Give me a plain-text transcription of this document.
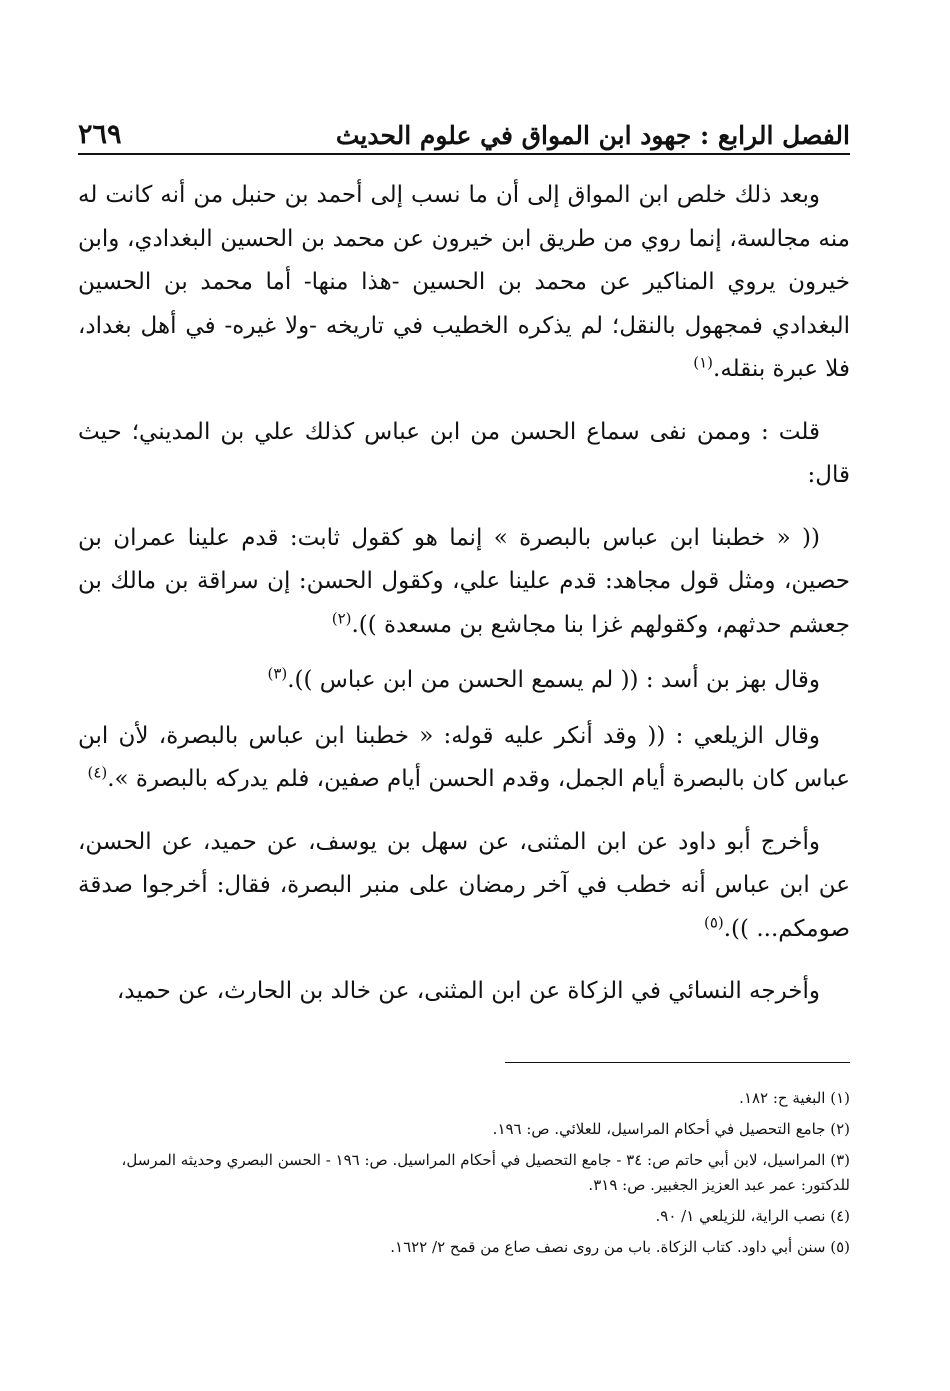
الفصل الرابع : جهود ابن المواق في علوم الحديث
٢٦٩

وبعد ذلك خلص ابن المواق إلى أن ما نسب إلى أحمد بن حنبل من أنه كانت له منه مجالسة، إنما روي من طريق ابن خيرون عن محمد بن الحسين البغدادي، وابن خيرون يروي المناكير عن محمد بن الحسين -هذا منها- أما محمد بن الحسين البغدادي فمجهول بالنقل؛ لم يذكره الخطيب في تاريخه -ولا غيره- في أهل بغداد، فلا عبرة بنقله.$^{(١)}$

قلت : وممن نفى سماع الحسن من ابن عباس كذلك علي بن المديني؛ حيث قال:

(( « خطبنا ابن عباس بالبصرة » إنما هو كقول ثابت: قدم علينا عمران بن حصين، ومثل قول مجاهد: قدم علينا علي، وكقول الحسن: إن سراقة بن مالك بن جعشم حدثهم، وكقولهم غزا بنا مجاشع بن مسعدة )).$^{(٢)}$

وقال بهز بن أسد : (( لم يسمع الحسن من ابن عباس )).$^{(٣)}$

وقال الزيلعي : (( وقد أنكر عليه قوله: « خطبنا ابن عباس بالبصرة، لأن ابن عباس كان بالبصرة أيام الجمل، وقدم الحسن أيام صفين، فلم يدركه بالبصرة ».$^{(٤)}$

وأخرج أبو داود عن ابن المثنى، عن سهل بن يوسف، عن حميد، عن الحسن، عن ابن عباس أنه خطب في آخر رمضان على منبر البصرة، فقال: أخرجوا صدقة صومكم... )).$^{(٥)}$

وأخرجه النسائي في الزكاة عن ابن المثنى، عن خالد بن الحارث، عن حميد،

(١) البغية ح: ١٨٢.

(٢) جامع التحصيل في أحكام المراسيل، للعلائي. ص: ١٩٦.

(٣) المراسيل، لابن أبي حاتم ص: ٣٤ - جامع التحصيل في أحكام المراسيل. ص: ١٩٦ - الحسن البصري وحديثه المرسل، للدكتور: عمر عبد العزيز الجغبير. ص: ٣١٩.

(٤) نصب الراية، للزيلعي ١/ ٩٠.

(٥) سنن أبي داود. كتاب الزكاة. باب من روى نصف صاع من قمح ٢/ ١٦٢٢.
